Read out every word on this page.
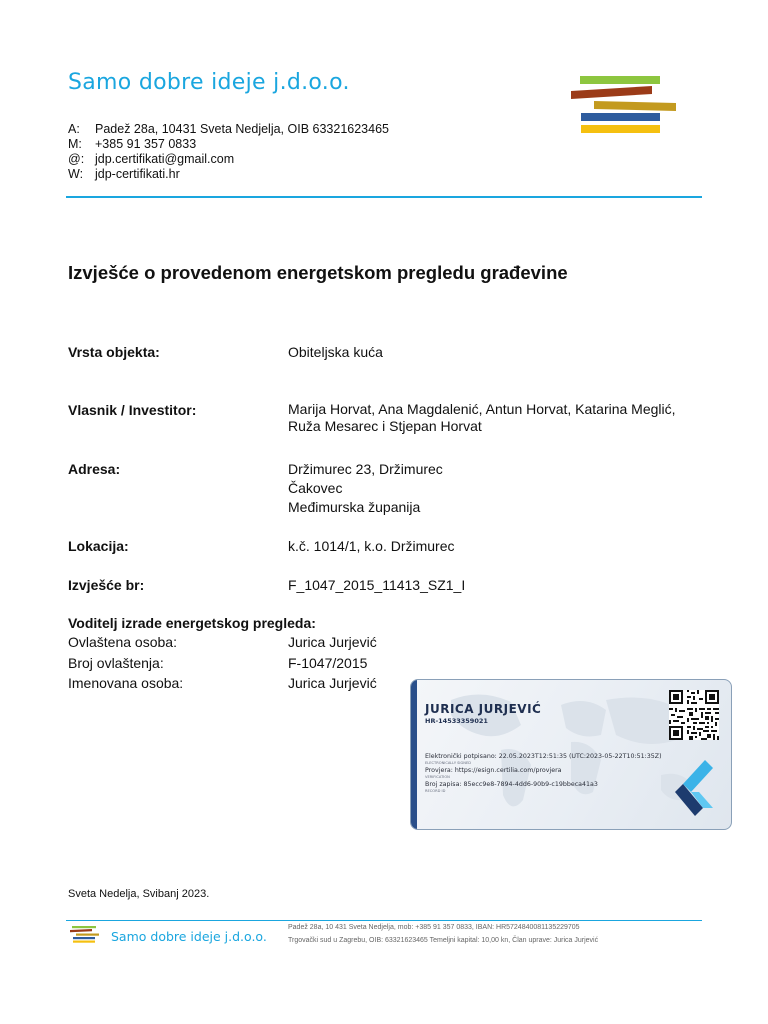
Samo dobre ideje j.d.o.o.
A: Padež 28a, 10431 Sveta Nedjelja, OIB 63321623465
M: +385 91 357 0833
@: jdp.certifikati@gmail.com
W: jdp-certifikati.hr
Izvješće o provedenom energetskom pregledu građevine
Vrsta objekta:	Obiteljska kuća
Vlasnik / Investitor:	Marija Horvat, Ana Magdalenić, Antun Horvat, Katarina Meglić,
Ruža Mesarec i Stjepan Horvat
Adresa:	Držimurec 23, Držimurec
Čakovec
Međimurska županija
Lokacija:	k.č. 1014/1, k.o. Držimurec
Izvješće br:	F_1047_2015_11413_SZ1_I
Voditelj izrade energetskog pregleda:
Ovlaštena osoba:	Jurica Jurjević
Broj ovlaštenja:	F-1047/2015
Imenovana osoba:	Jurica Jurjević
JURICA JURJEVIĆ
HR-14533359021
Elektronički potpisano: 22.05.2023T12:51:35 (UTC:2023-05-22T10:51:35Z)
ELECTRONICALLY SIGNED
Provjera: https://esign.certilia.com/provjera
VERIFICATION
Broj zapisa: 85ecc9e8-7894-4dd6-90b9-c19bbeca41a3
RECORD ID
Sveta Nedelja, Svibanj 2023.
Samo dobre ideje j.d.o.o.
Padež 28a, 10 431 Sveta Nedjelja, mob: +385 91 357 0833, IBAN: HR5724840081135229705
Trgovački sud u Zagrebu, OIB: 63321623465 Temeljni kapital: 10,00 kn, Član uprave: Jurica Jurjević
